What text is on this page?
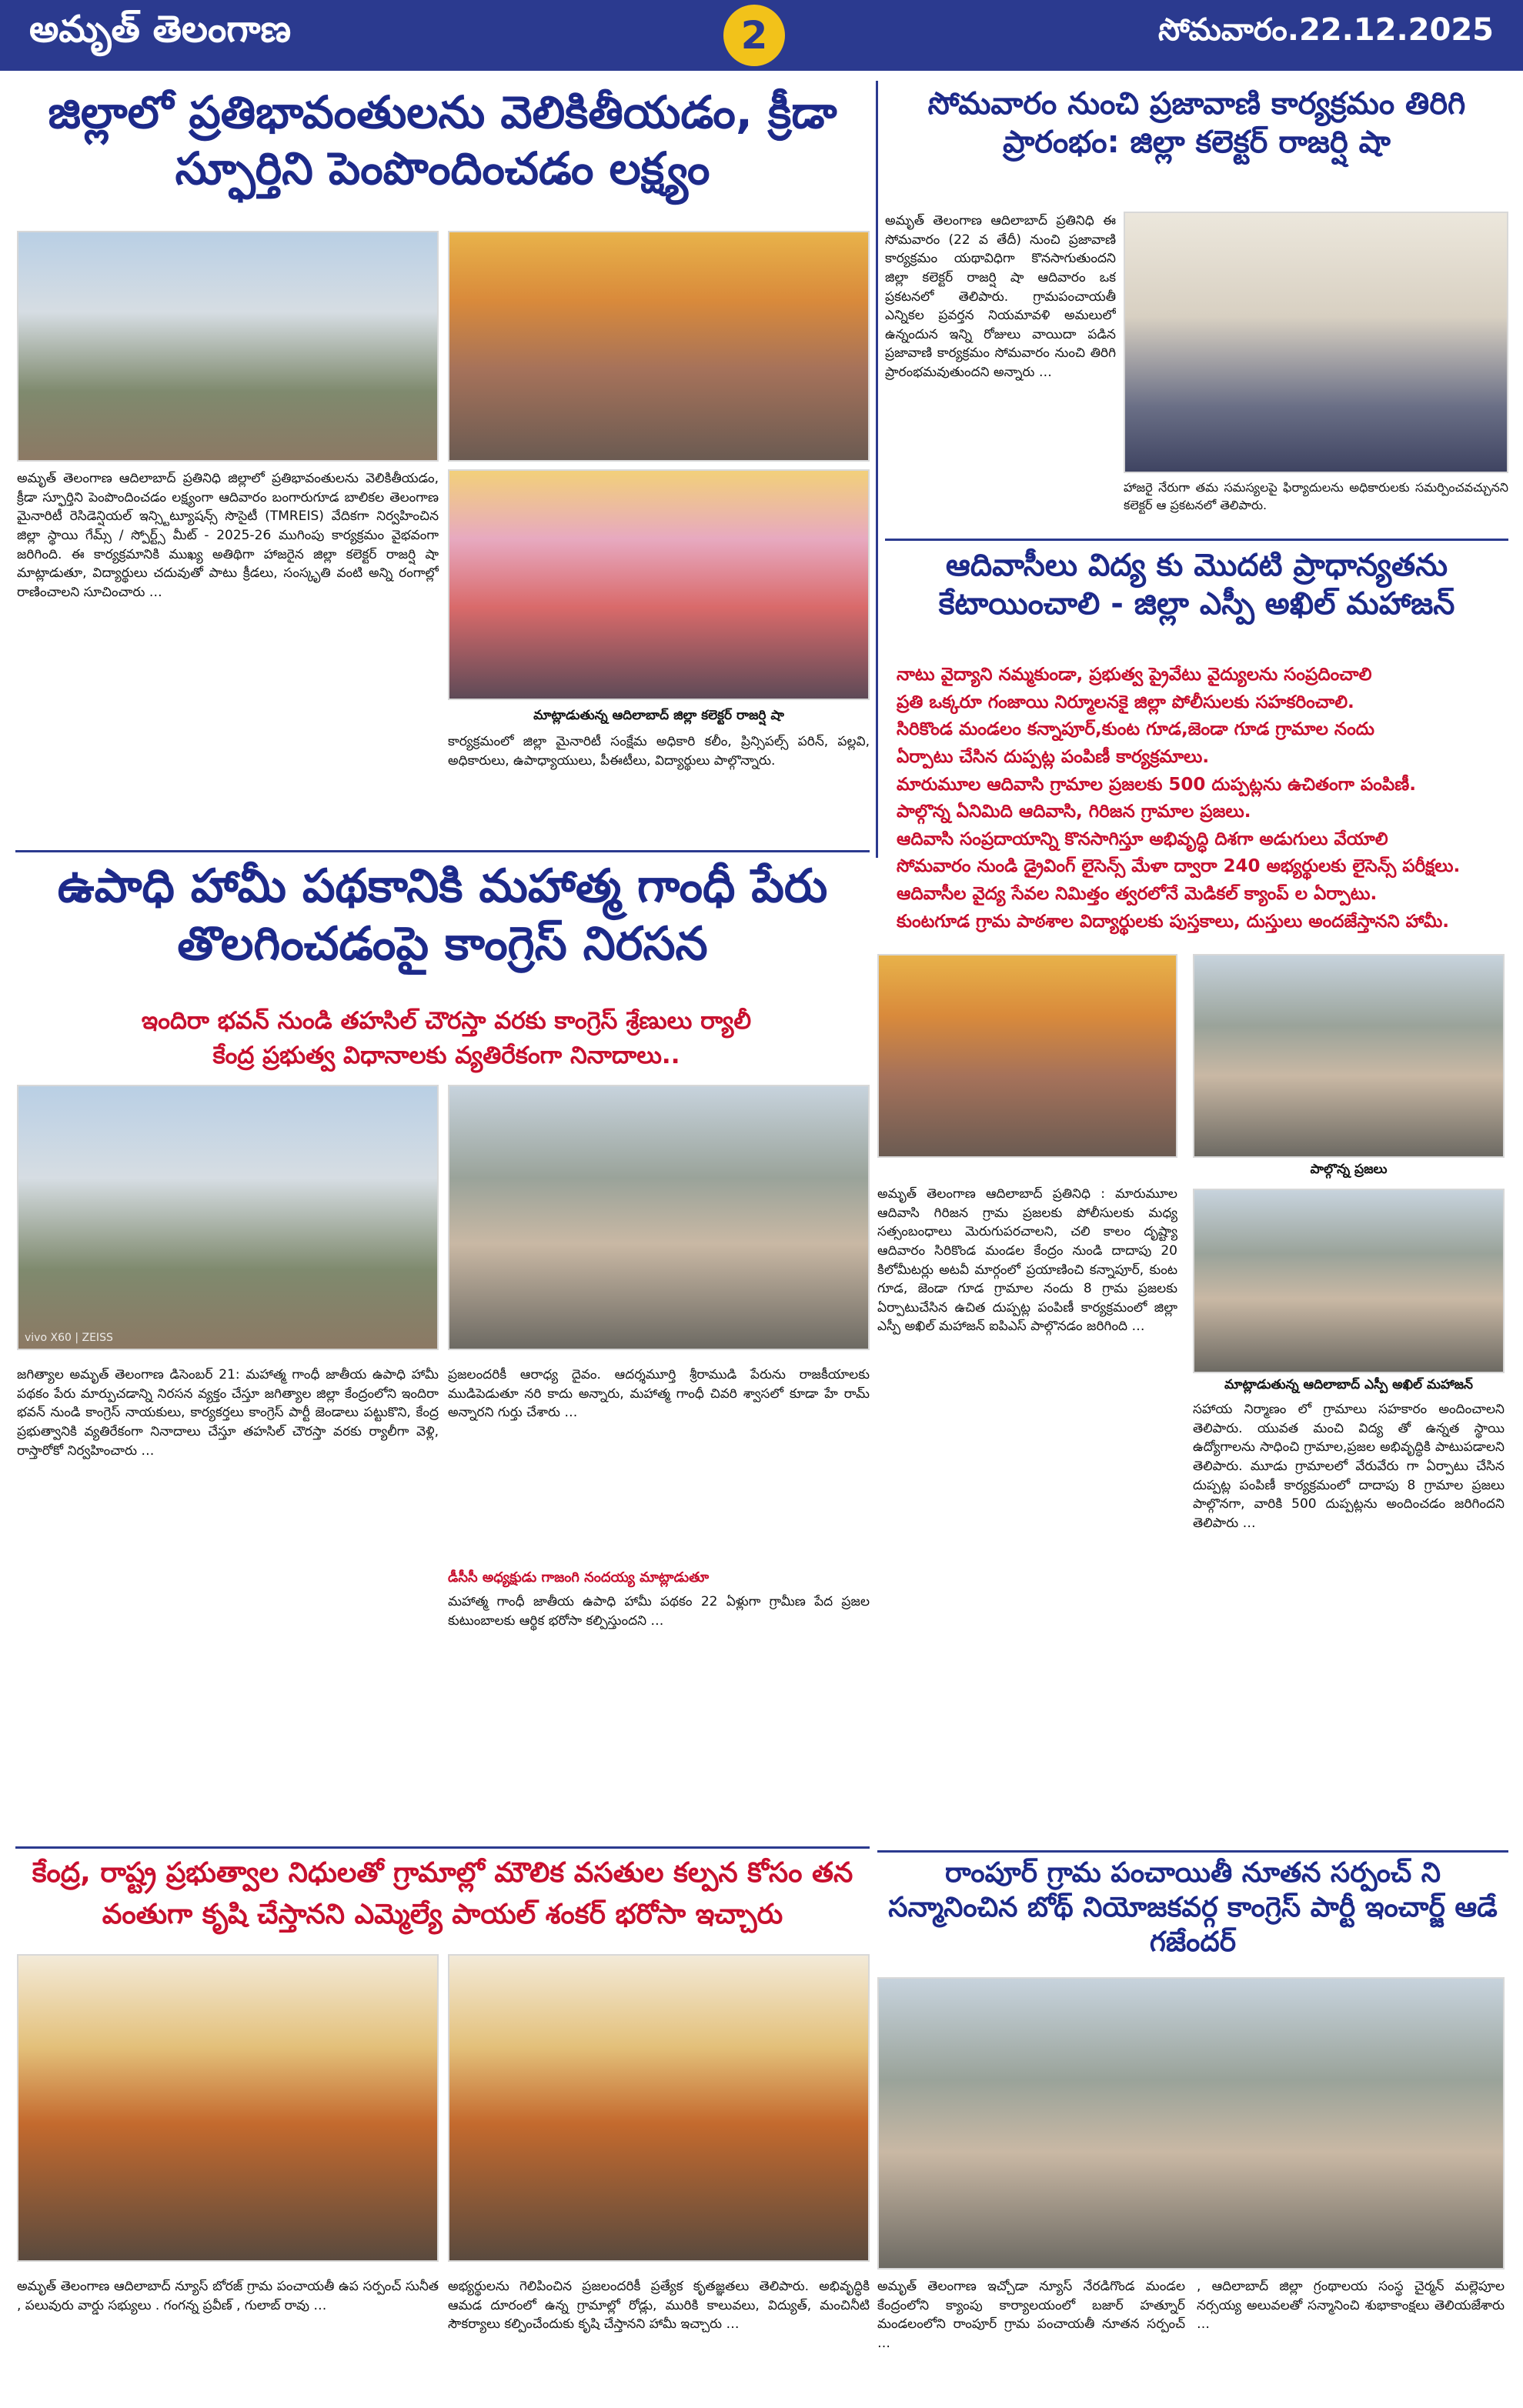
అమృత్ తెలంగాణ	2	సోమవారం.22.12.2025
జిల్లాలో ప్రతిభావంతులను వెలికితీయడం, క్రీడా స్ఫూర్తిని పెంపొందించడం లక్ష్యం
అమృత్ తెలంగాణ ఆదిలాబాద్ ప్రతినిధి జిల్లాలో ప్రతిభావంతులను వెలికితీయడం, క్రీడా స్ఫూర్తిని పెంపొందించడం లక్ష్యంగా ఆదివారం బంగారుగూడ బాలికల తెలంగాణ మైనారిటీ రెసిడెన్షియల్ ఇన్స్టిట్యూషన్స్ సొసైటీ (TMREIS) వేదికగా నిర్వహించిన జిల్లా స్థాయి గేమ్స్ / స్పోర్ట్స్ మీట్ - 2025-26 ముగింపు కార్యక్రమం వైభవంగా జరిగింది. ఈ కార్యక్రమానికి ముఖ్య అతిథిగా హాజరైన జిల్లా కలెక్టర్ రాజర్షి షా మాట్లాడుతూ, విద్యార్థులు చదువుతో పాటు క్రీడలు, సంస్కృతి వంటి అన్ని రంగాల్లో రాణించాలని సూచించారు …
మాట్లాడుతున్న ఆదిలాబాద్ జిల్లా కలెక్టర్ రాజర్షి షా
కార్యక్రమంలో జిల్లా మైనారిటీ సంక్షేమ అధికారి కలీం, ప్రిన్సిపల్స్ పరిన్, పల్లవి, అధికారులు, ఉపాధ్యాయులు, పీఈటీలు, విద్యార్థులు పాల్గొన్నారు.
సోమవారం నుంచి ప్రజావాణి కార్యక్రమం తిరిగి ప్రారంభం: జిల్లా కలెక్టర్ రాజర్షి షా
అమృత్ తెలంగాణ ఆదిలాబాద్ ప్రతినిధి ఈ సోమవారం (22 వ తేదీ) నుంచి ప్రజావాణి కార్యక్రమం యథావిధిగా కొనసాగుతుందని జిల్లా కలెక్టర్ రాజర్షి షా ఆదివారం ఒక ప్రకటనలో తెలిపారు. గ్రామపంచాయతీ ఎన్నికల ప్రవర్తన నియమావళి అమలులో ఉన్నందున ఇన్ని రోజులు వాయిదా పడిన ప్రజావాణి కార్యక్రమం సోమవారం నుంచి తిరిగి ప్రారంభమవుతుందని అన్నారు …
హాజరై నేరుగా తమ సమస్యలపై ఫిర్యాదులను అధికారులకు సమర్పించవచ్చునని కలెక్టర్ ఆ ప్రకటనలో తెలిపారు.
ఆదివాసీలు విద్య కు మొదటి ప్రాధాన్యతను కేటాయించాలి - జిల్లా ఎస్పీ అఖిల్ మహాజన్
నాటు వైద్యాని నమ్మకుండా, ప్రభుత్వ ప్రైవేటు వైద్యులను సంప్రదించాలి
ప్రతి ఒక్కరూ గంజాయి నిర్మూలనకై జిల్లా పోలీసులకు సహకరించాలి.
సిరికొండ మండలం కన్నాపూర్,కుంట గూడ,జెండా గూడ గ్రామాల నందు
ఏర్పాటు చేసిన దుప్పట్ల పంపిణీ కార్యక్రమాలు.
మారుమూల ఆదివాసి గ్రామాల ప్రజలకు 500 దుప్పట్లను ఉచితంగా పంపిణీ.
పాల్గొన్న ఏనిమిది ఆదివాసి, గిరిజన గ్రామాల ప్రజలు.
ఆదివాసి సంప్రదాయాన్ని కొనసాగిస్తూ అభివృద్ధి దిశగా అడుగులు వేయాలి
సోమవారం నుండి డ్రైవింగ్ లైసెన్స్ మేళా ద్వారా 240 అభ్యర్థులకు లైసెన్స్ పరీక్షలు.
ఆదివాసీల వైద్య సేవల నిమిత్తం త్వరలోనే మెడికల్ క్యాంప్ ల ఏర్పాటు.
కుంటగూడ గ్రామ పాఠశాల విద్యార్థులకు పుస్తకాలు, దుస్తులు అందజేస్తానని హామీ.
పాల్గొన్న ప్రజలు
అమృత్ తెలంగాణ ఆదిలాబాద్ ప్రతినిధి : మారుమూల ఆదివాసి గిరిజన గ్రామ ప్రజలకు పోలీసులకు మధ్య సత్సంబంధాలు మెరుగుపరచాలని, చలి కాలం దృష్ట్యా ఆదివారం సిరికొండ మండల కేంద్రం నుండి దాదాపు 20 కిలోమీటర్లు అటవీ మార్గంలో ప్రయాణించి కన్నాపూర్, కుంట గూడ, జెండా గూడ గ్రామాల నందు 8 గ్రామ ప్రజలకు ఏర్పాటుచేసిన ఉచిత దుప్పట్ల పంపిణీ కార్యక్రమంలో జిల్లా ఎస్పీ అఖిల్ మహాజన్ ఐపిఎస్ పాల్గొనడం జరిగింది …
మాట్లాడుతున్న ఆదిలాబాద్ ఎస్పీ అఖిల్ మహాజన్
సహాయ నిర్మాణం లో గ్రామాలు సహకారం అందించాలని తెలిపారు. యువత మంచి విద్య తో ఉన్నత స్థాయి ఉద్యోగాలను సాధించి గ్రామాల,ప్రజల అభివృద్ధికి పాటుపడాలని తెలిపారు. మూడు గ్రామాలలో వేరువేరు గా ఏర్పాటు చేసిన దుప్పట్ల పంపిణీ కార్యక్రమంలో దాదాపు 8 గ్రామాల ప్రజలు పాల్గొనగా, వారికి 500 దుప్పట్లను అందించడం జరిగిందని తెలిపారు …
ఉపాధి హామీ పథకానికి మహాత్మ గాంధీ పేరు తొలగించడంపై కాంగ్రెస్ నిరసన
ఇందిరా భవన్ నుండి తహసిల్ చౌరస్తా వరకు కాంగ్రెస్ శ్రేణులు ర్యాలీ
కేంద్ర ప్రభుత్వ విధానాలకు వ్యతిరేకంగా నినాదాలు..
vivo X60 | ZEISS
జగిత్యాల అమృత్ తెలంగాణ డిసెంబర్ 21: మహాత్మ గాంధీ జాతీయ ఉపాధి హామీ పథకం పేరు మార్పుచడాన్ని నిరసన వ్యక్తం చేస్తూ జగిత్యాల జిల్లా కేంద్రంలోని ఇందిరా భవన్ నుండి కాంగ్రెస్ నాయకులు, కార్యకర్తలు కాంగ్రెస్ పార్టీ జెండాలు పట్టుకొని, కేంద్ర ప్రభుత్వానికి వ్యతిరేకంగా నినాదాలు చేస్తూ తహసిల్ చౌరస్తా వరకు ర్యాలీగా వెళ్లి, రాస్తారోకో నిర్వహించారు …
ప్రజలందరికీ ఆరాధ్య దైవం. ఆదర్శమూర్తి శ్రీరాముడి పేరును రాజకీయాలకు ముడిపెడుతూ నరి కాదు అన్నారు, మహాత్మ గాంధీ చివరి శ్వాసలో కూడా హే రామ్ అన్నారని గుర్తు చేశారు …
డీసీసీ అధ్యక్షుడు గాజంగి నందయ్య మాట్లాడుతూ
మహాత్మ గాంధీ జాతీయ ఉపాధి హామీ పథకం 22 ఏళ్లుగా గ్రామీణ పేద ప్రజల కుటుంబాలకు ఆర్థిక భరోసా కల్పిస్తుందని …
కేంద్ర, రాష్ట్ర ప్రభుత్వాల నిధులతో గ్రామాల్లో మౌలిక వసతుల కల్పన కోసం తన వంతుగా కృషి చేస్తానని ఎమ్మెల్యే పాయల్ శంకర్ భరోసా ఇచ్చారు
అమృత్ తెలంగాణ ఆదిలాబాద్ న్యూస్ బోరజ్ గ్రామ పంచాయతీ ఉప సర్పంచ్ సునీత , పలువురు వార్డు సభ్యులు . గంగన్న ప్రవీణ్ , గులాబ్ రావు …
అభ్యర్థులను గెలిపించిన ప్రజలందరికీ ప్రత్యేక కృతజ్ఞతలు తెలిపారు. అభివృద్ధికి ఆమడ దూరంలో ఉన్న గ్రామాల్లో రోడ్లు, మురికి కాలువలు, విద్యుత్, మంచినీటి సౌకర్యాలు కల్పించేందుకు కృషి చేస్తానని హామీ ఇచ్చారు …
రాంపూర్ గ్రామ పంచాయితీ నూతన సర్పంచ్ ని సన్మానించిన బోథ్ నియోజకవర్గ కాంగ్రెస్ పార్టీ ఇంచార్జ్ ఆడే గజేందర్
అమృత్ తెలంగాణ ఇచ్చోడా న్యూస్ నేరడిగొండ మండల కేంద్రంలోని క్యాంపు కార్యాలయంలో బజార్ హత్నూర్ మండలంలోని రాంపూర్ గ్రామ పంచాయతీ నూతన సర్పంచ్ …
, ఆదిలాబాద్ జిల్లా గ్రంథాలయ సంస్థ చైర్మన్ మల్లెపూల నర్సయ్య అలువలతో సన్మానించి శుభాకాంక్షలు తెలియజేశారు …
